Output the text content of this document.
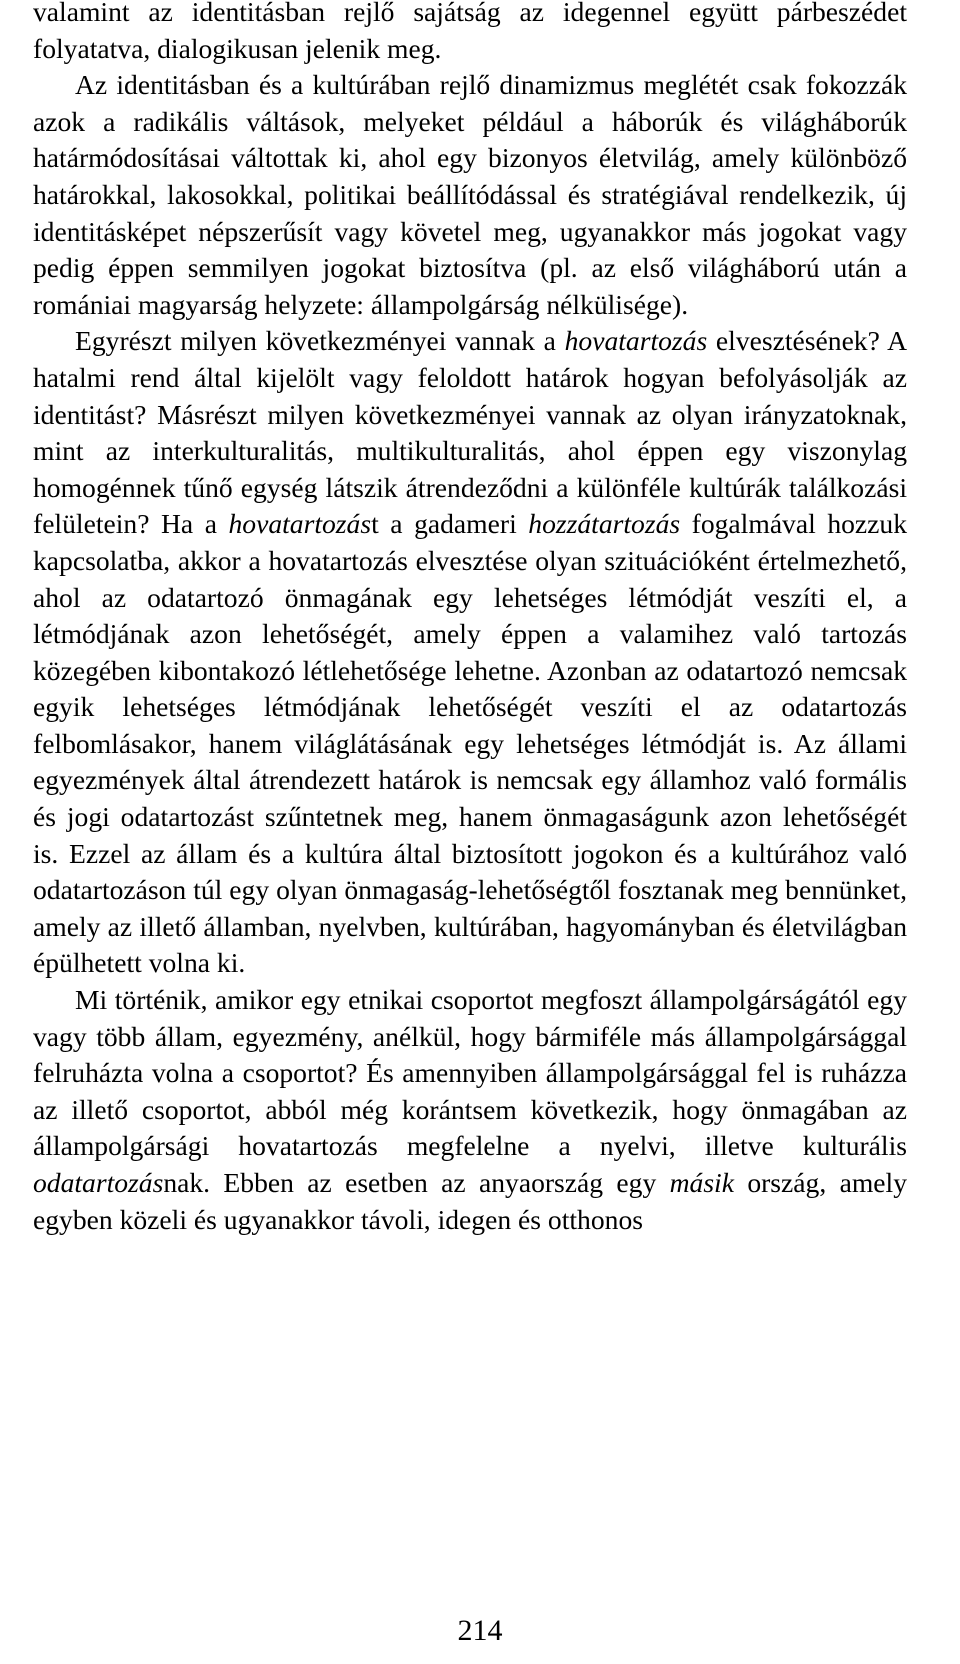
valamint az identitásban rejlő sajátság az idegennel együtt párbeszédet folyatatva, dialogikusan jelenik meg.

Az identitásban és a kultúrában rejlő dinamizmus meglétét csak fokozzák azok a radikális váltások, melyeket például a háborúk és világháborúk határmódosításai váltottak ki, ahol egy bizonyos életvilág, amely különböző határokkal, lakosokkal, politikai beállítódással és stratégiával rendelkezik, új identitásképet népszerűsít vagy követel meg, ugyanakkor más jogokat vagy pedig éppen semmilyen jogokat biztosítva (pl. az első világháború után a romániai magyarság helyzete: állampolgárság nélkülisége).

Egyrészt milyen következményei vannak a hovatartozás elvesztésének? A hatalmi rend által kijelölt vagy feloldott határok hogyan befolyásolják az identitást? Másrészt milyen következményei vannak az olyan irányzatoknak, mint az interkulturalitás, multikulturalitás, ahol éppen egy viszonylag homogénnek tűnő egység látszik átrendeződni a különféle kultúrák találkozási felületein? Ha a hovatartozást a gadameri hozzátartozás fogalmával hozzuk kapcsolatba, akkor a hovatartozás elvesztése olyan szituációként értelmezhető, ahol az odatartozó önmagának egy lehetséges létmódját veszíti el, a létmódjának azon lehetőségét, amely éppen a valamihez való tartozás közegében kibontakozó létlehetősége lehetne. Azonban az odatartozó nemcsak egyik lehetséges létmódjának lehetőségét veszíti el az odatartozás felbomlásakor, hanem világlátásának egy lehetséges létmódját is. Az állami egyezmények által átrendezett határok is nemcsak egy államhoz való formális és jogi odatartozást szűntetnek meg, hanem önmagaságunk azon lehetőségét is. Ezzel az állam és a kultúra által biztosított jogokon és a kultúrához való odatartozáson túl egy olyan önmagaság-lehetőségtől fosztanak meg bennünket, amely az illető államban, nyelvben, kultúrában, hagyományban és életvilágban épülhetett volna ki.

Mi történik, amikor egy etnikai csoportot megfoszt állampolgárságától egy vagy több állam, egyezmény, anélkül, hogy bármiféle más állampolgársággal felruházta volna a csoportot? És amennyiben állampolgársággal fel is ruházza az illető csoportot, abból még korántsem következik, hogy önmagában az állampolgársági hovatartozás megfelelne a nyelvi, illetve kulturális odatartozásnak. Ebben az esetben az anyaország egy másik ország, amely egyben közeli és ugyanakkor távoli, idegen és otthonos

214
